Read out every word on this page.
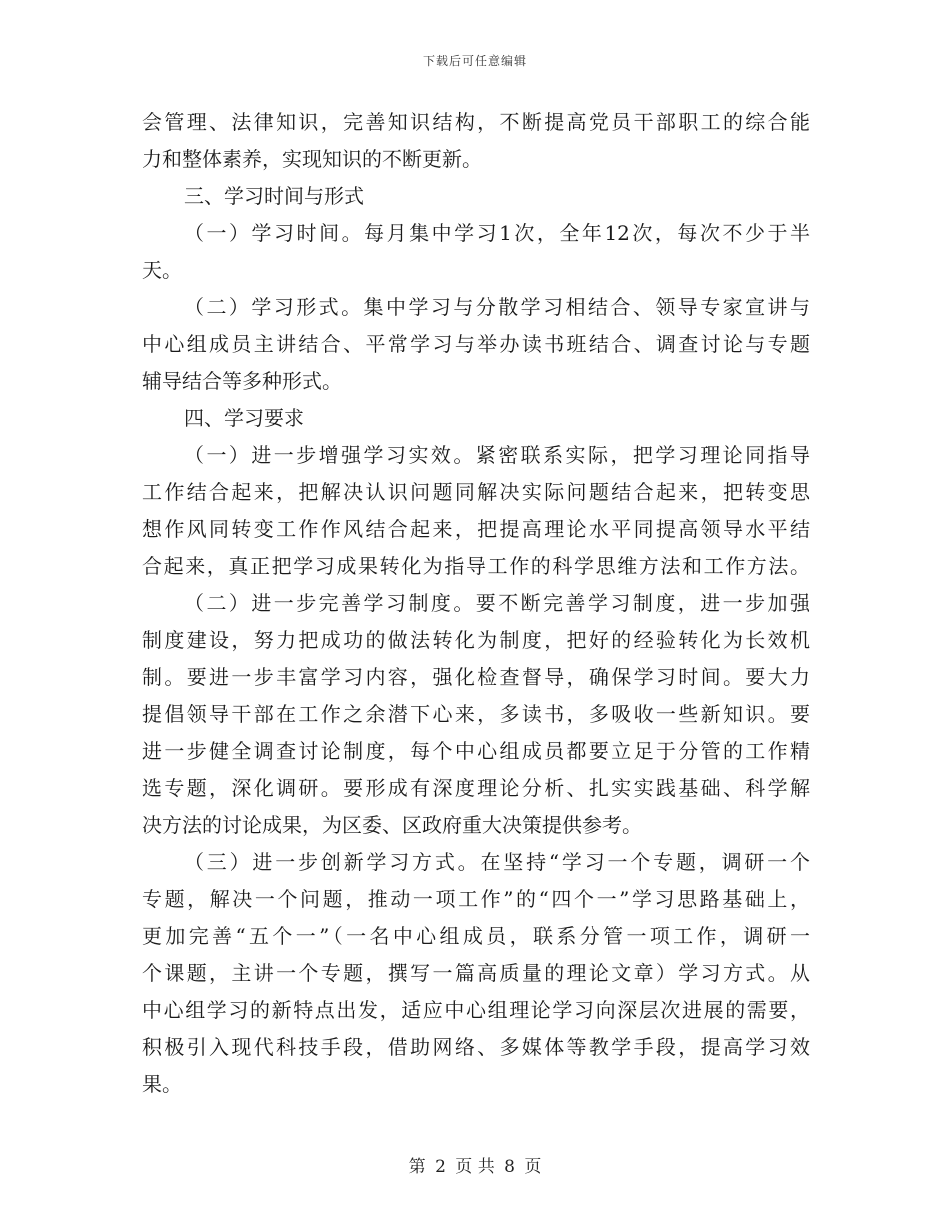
下载后可任意编辑
会管理、法律知识，完善知识结构，不断提高党员干部职工的综合能
力和整体素养，实现知识的不断更新。
三、学习时间与形式
（一）学习时间。每月集中学习1次，全年12次，每次不少于半
天。
（二）学习形式。集中学习与分散学习相结合、领导专家宣讲与
中心组成员主讲结合、平常学习与举办读书班结合、调查讨论与专题
辅导结合等多种形式。
四、学习要求
（一）进一步增强学习实效。紧密联系实际，把学习理论同指导
工作结合起来，把解决认识问题同解决实际问题结合起来，把转变思
想作风同转变工作作风结合起来，把提高理论水平同提高领导水平结
合起来，真正把学习成果转化为指导工作的科学思维方法和工作方法。
（二）进一步完善学习制度。要不断完善学习制度，进一步加强
制度建设，努力把成功的做法转化为制度，把好的经验转化为长效机
制。要进一步丰富学习内容，强化检查督导，确保学习时间。要大力
提倡领导干部在工作之余潜下心来，多读书，多吸收一些新知识。要
进一步健全调查讨论制度，每个中心组成员都要立足于分管的工作精
选专题，深化调研。要形成有深度理论分析、扎实实践基础、科学解
决方法的讨论成果，为区委、区政府重大决策提供参考。
（三）进一步创新学习方式。在坚持“学习一个专题，调研一个
专题，解决一个问题，推动一项工作”的“四个一”学习思路基础上，
更加完善“五个一”（一名中心组成员，联系分管一项工作，调研一
个课题，主讲一个专题，撰写一篇高质量的理论文章）学习方式。从
中心组学习的新特点出发，适应中心组理论学习向深层次进展的需要，
积极引入现代科技手段，借助网络、多媒体等教学手段，提高学习效
果。
第 2 页 共 8 页
